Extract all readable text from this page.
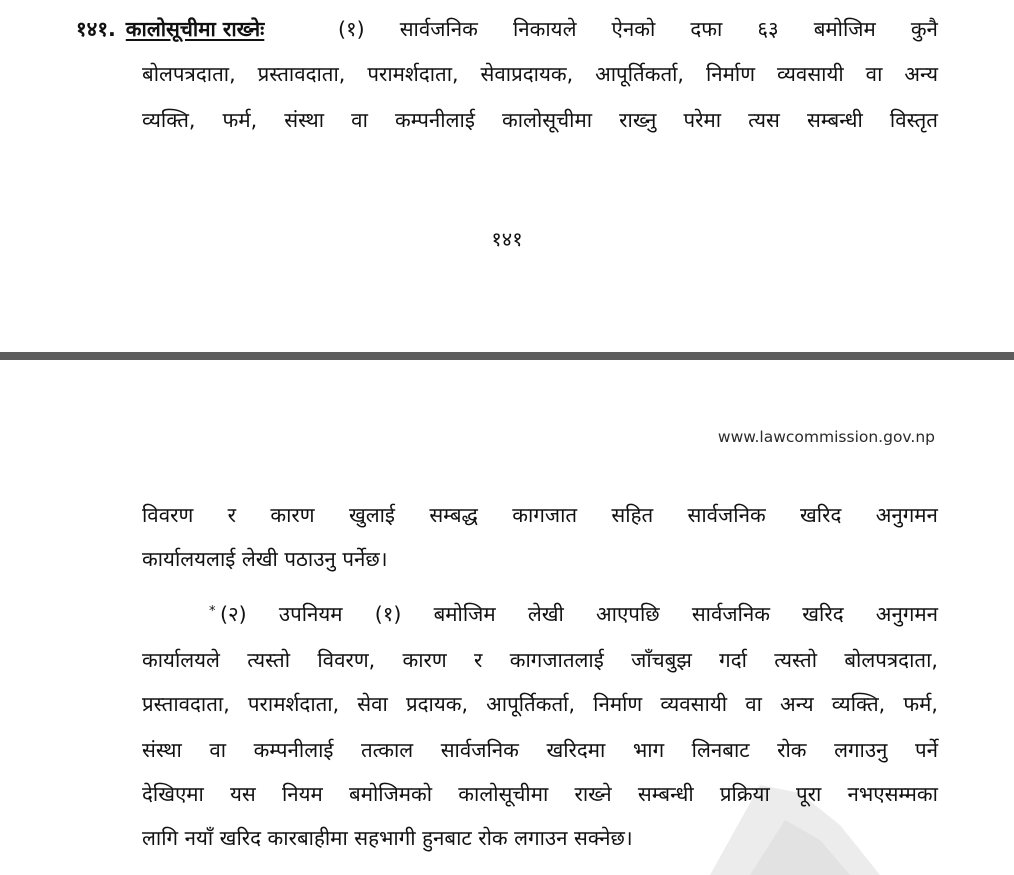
१४१. कालोसूचीमा राख्नेः	(१) सार्वजनिक निकायले ऐनको दफा ६३ बमोजिम कुनै
बोलपत्रदाता, प्रस्तावदाता, परामर्शदाता, सेवाप्रदायक, आपूर्तिकर्ता, निर्माण व्यवसायी वा अन्य
व्यक्ति, फर्म, संस्था वा कम्पनीलाई कालोसूचीमा राख्नु परेमा त्यस सम्बन्धी विस्तृत
१४१
www.lawcommission.gov.np
विवरण र कारण खुलाई सम्बद्ध कागजात सहित सार्वजनिक खरिद अनुगमन
कार्यालयलाई लेखी पठाउनु पर्नेछ।
* (२) उपनियम (१) बमोजिम लेखी आएपछि सार्वजनिक खरिद अनुगमन
कार्यालयले त्यस्तो विवरण, कारण र कागजातलाई जाँचबुझ गर्दा त्यस्तो बोलपत्रदाता,
प्रस्तावदाता, परामर्शदाता, सेवा प्रदायक, आपूर्तिकर्ता, निर्माण व्यवसायी वा अन्य व्यक्ति, फर्म,
संस्था वा कम्पनीलाई तत्काल सार्वजनिक खरिदमा भाग लिनबाट रोक लगाउनु पर्ने
देखिएमा यस नियम बमोजिमको कालोसूचीमा राख्ने सम्बन्धी प्रक्रिया पूरा नभएसम्मका
लागि नयाँ खरिद कारबाहीमा सहभागी हुनबाट रोक लगाउन सक्नेछ।
